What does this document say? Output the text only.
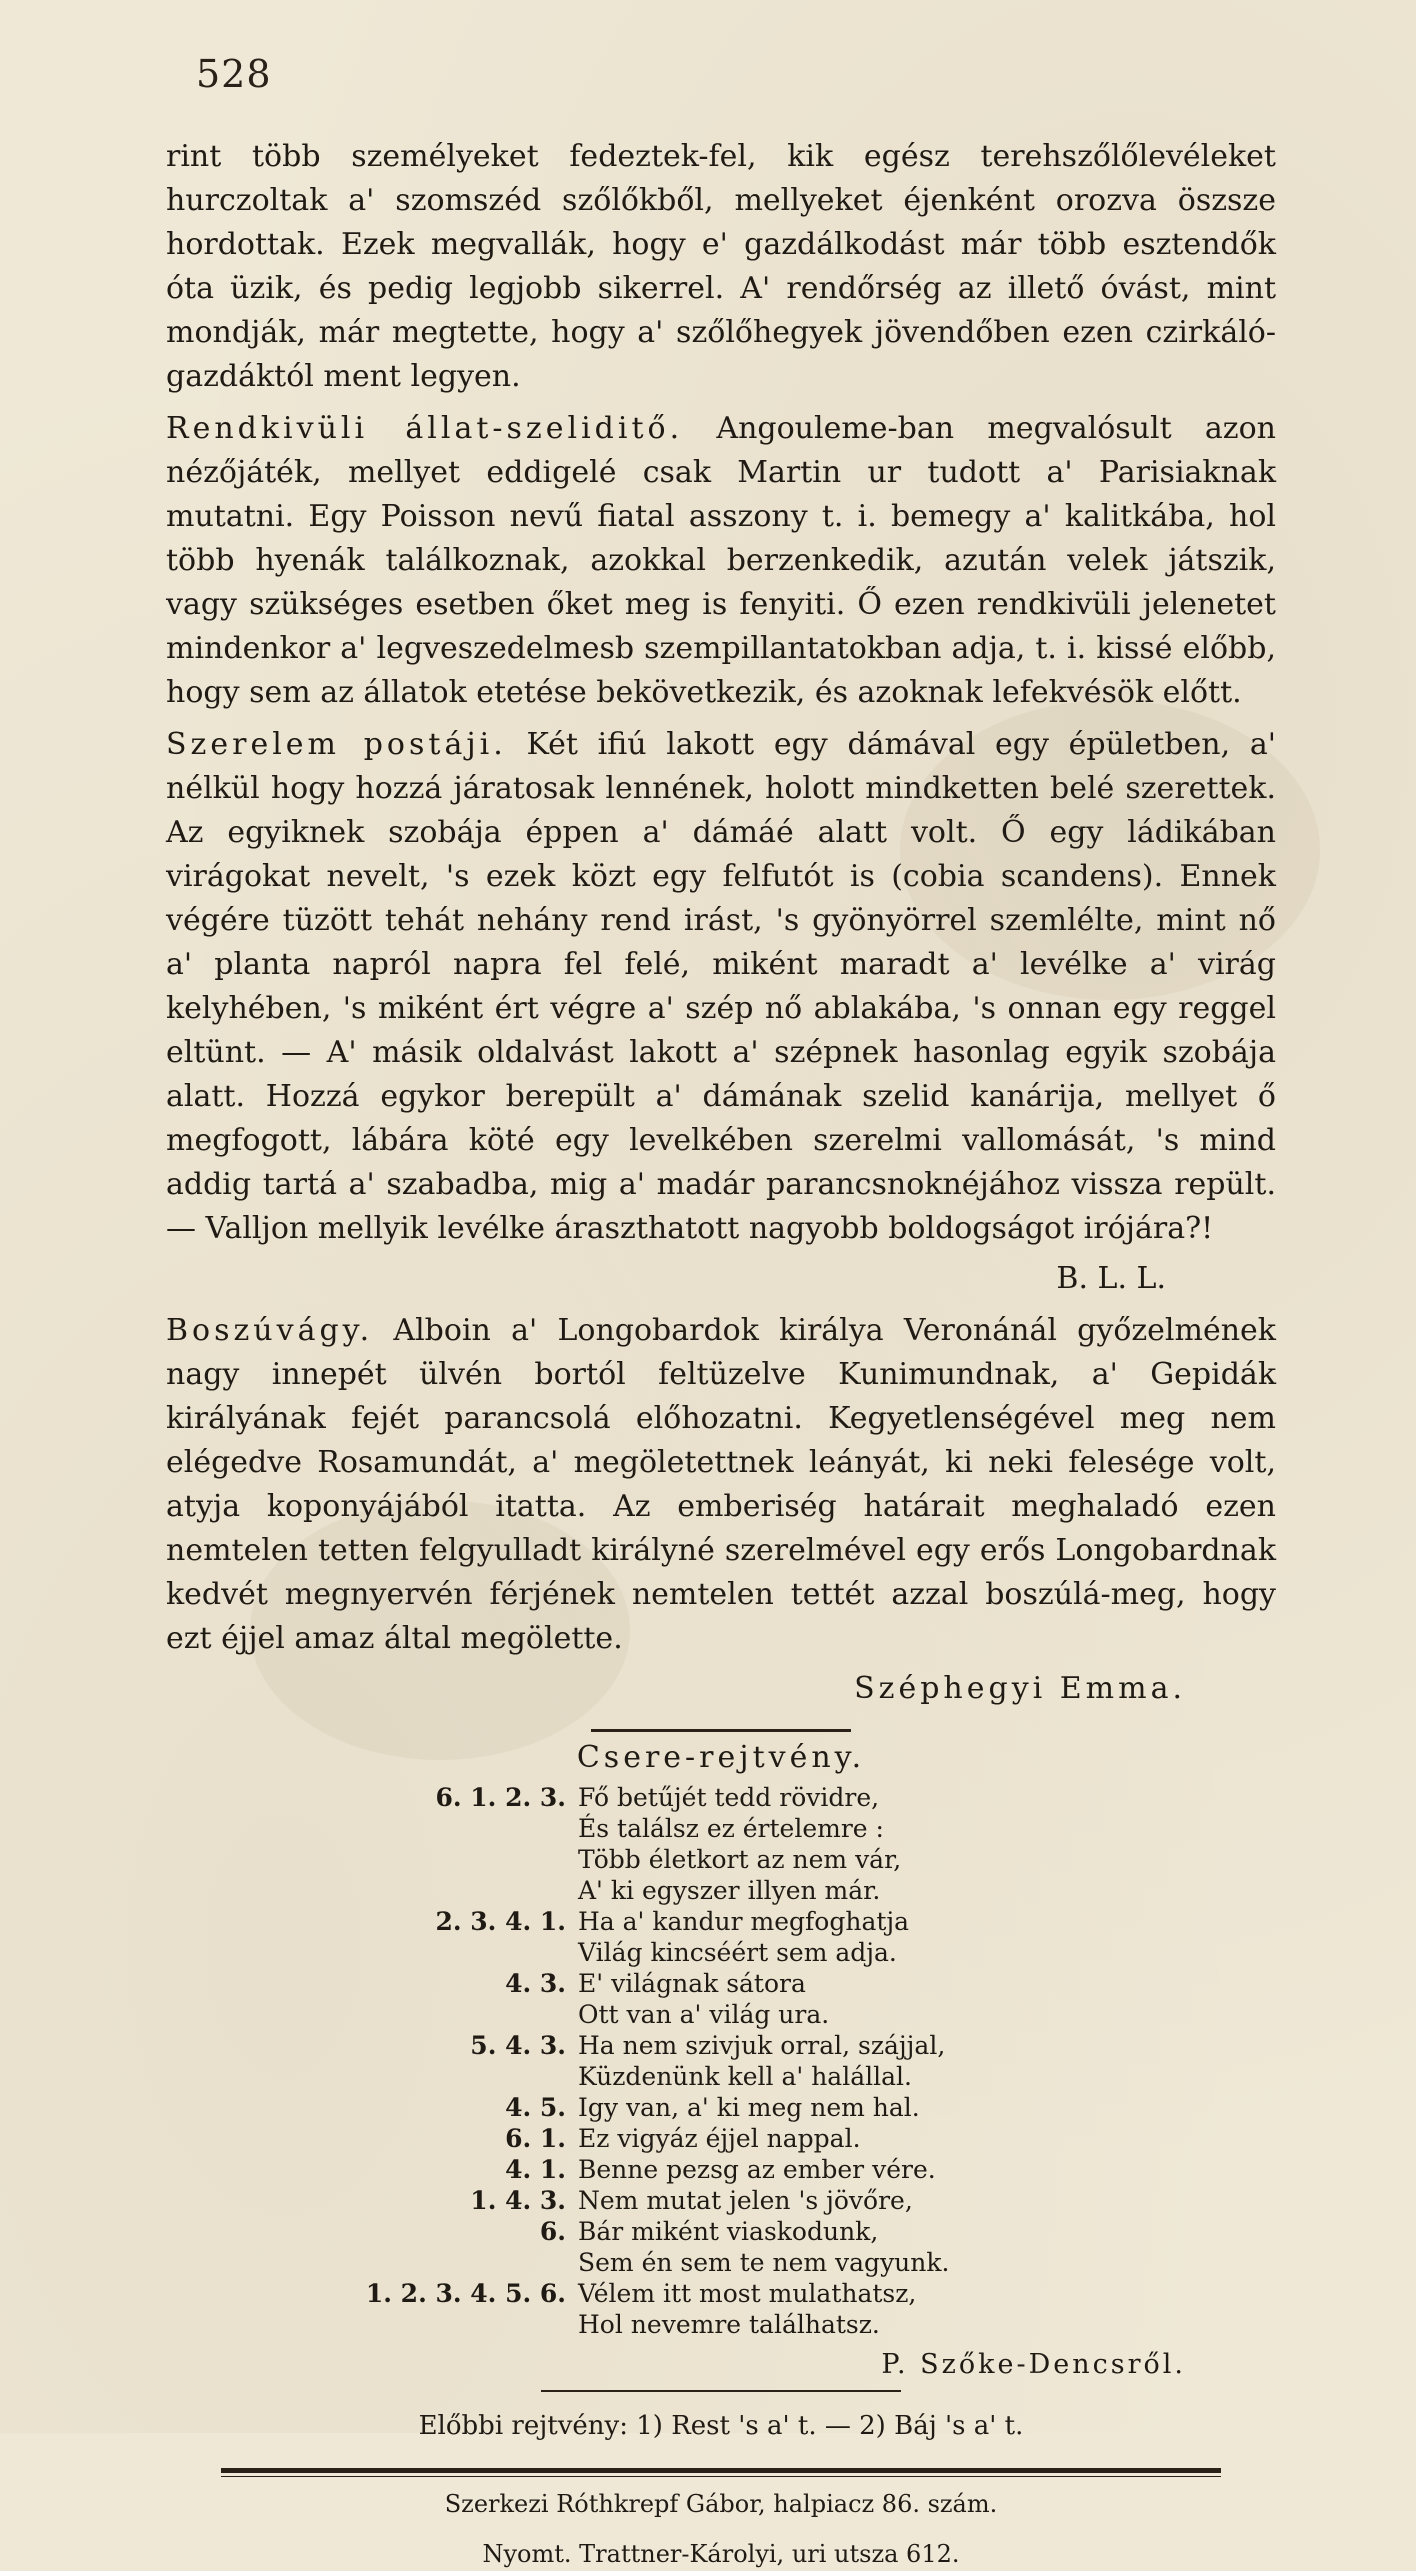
528

rint több személyeket fedeztek-fel, kik egész terehszőlőlevéleket hurczoltak a' szomszéd szőlőkből, mellyeket éjenként orozva öszsze hordottak. Ezek megvallák, hogy e' gazdálkodást már több esztendők óta üzik, és pedig legjobb sikerrel. A' rendőrség az illető óvást, mint mondják, már megtette, hogy a' szőlőhegyek jövendőben ezen czirkáló-gazdáktól ment legyen.

Rendkivüli állat-szeliditő. Angouleme-ban megvalósult azon nézőjáték, mellyet eddigelé csak Martin ur tudott a' Parisiaknak mutatni. Egy Poisson nevű fiatal asszony t. i. bemegy a' kalitkába, hol több hyenák találkoznak, azokkal berzenkedik, azután velek játszik, vagy szükséges esetben őket meg is fenyiti. Ő ezen rendkivüli jelenetet mindenkor a' legveszedelmesb szempillantatokban adja, t. i. kissé előbb, hogy sem az állatok etetése bekövetkezik, és azoknak lefekvésök előtt.

Szerelem postáji. Két ifiú lakott egy dámával egy épületben, a' nélkül hogy hozzá járatosak lennének, holott mindketten belé szerettek. Az egyiknek szobája éppen a' dámáé alatt volt. Ő egy ládikában virágokat nevelt, 's ezek közt egy felfutót is (cobia scandens). Ennek végére tüzött tehát nehány rend irást, 's gyönyörrel szemlélte, mint nő a' planta napról napra fel felé, miként maradt a' levélke a' virág kelyhében, 's miként ért végre a' szép nő ablakába, 's onnan egy reggel eltünt. — A' másik oldalvást lakott a' szépnek hasonlag egyik szobája alatt. Hozzá egykor berepült a' dámának szelid kanárija, mellyet ő megfogott, lábára köté egy levelkében szerelmi vallomását, 's mind addig tartá a' szabadba, mig a' madár parancsnoknéjához vissza repült. — Valljon mellyik levélke áraszthatott nagyobb boldogságot irójára?!

B. L. L.

Boszúvágy. Alboin a' Longobardok királya Veronánál győzelmének nagy innepét ülvén bortól feltüzelve Kunimundnak, a' Gepidák királyának fejét parancsolá előhozatni. Kegyetlenségével meg nem elégedve Rosamundát, a' megöletettnek leányát, ki neki felesége volt, atyja koponyájából itatta. Az emberiség határait meghaladó ezen nemtelen tetten felgyulladt királyné szerelmével egy erős Longobardnak kedvét megnyervén férjének nemtelen tettét azzal boszúlá-meg, hogy ezt éjjel amaz által megölette.

Széphegyi Emma.
Csere-rejtvény.
6. 1. 2. 3. Fő betűjét tedd rövidre,
És találsz ez értelemre :
Több életkort az nem vár,
A' ki egyszer illyen már.
2. 3. 4. 1. Ha a' kandur megfoghatja
Világ kincséért sem adja.
4. 3. E' világnak sátora
Ott van a' világ ura.
5. 4. 3. Ha nem szivjuk orral, szájjal,
Küzdenünk kell a' halállal.
4. 5. Igy van, a' ki meg nem hal.
6. 1. Ez vigyáz éjjel nappal.
4. 1. Benne pezsg az ember vére.
1. 4. 3. Nem mutat jelen 's jövőre,
6. Bár miként viaskodunk,
Sem én sem te nem vagyunk.
1. 2. 3. 4. 5. 6. Vélem itt most mulathatsz,
Hol nevemre találhatsz.
P. Szőke-Dencsről.
Előbbi rejtvény: 1) Rest 's a' t. — 2) Báj 's a' t.
Szerkezi Róthkrepf Gábor, halpiacz 86. szám.
Nyomt. Trattner-Károlyi, uri utsza 612.
